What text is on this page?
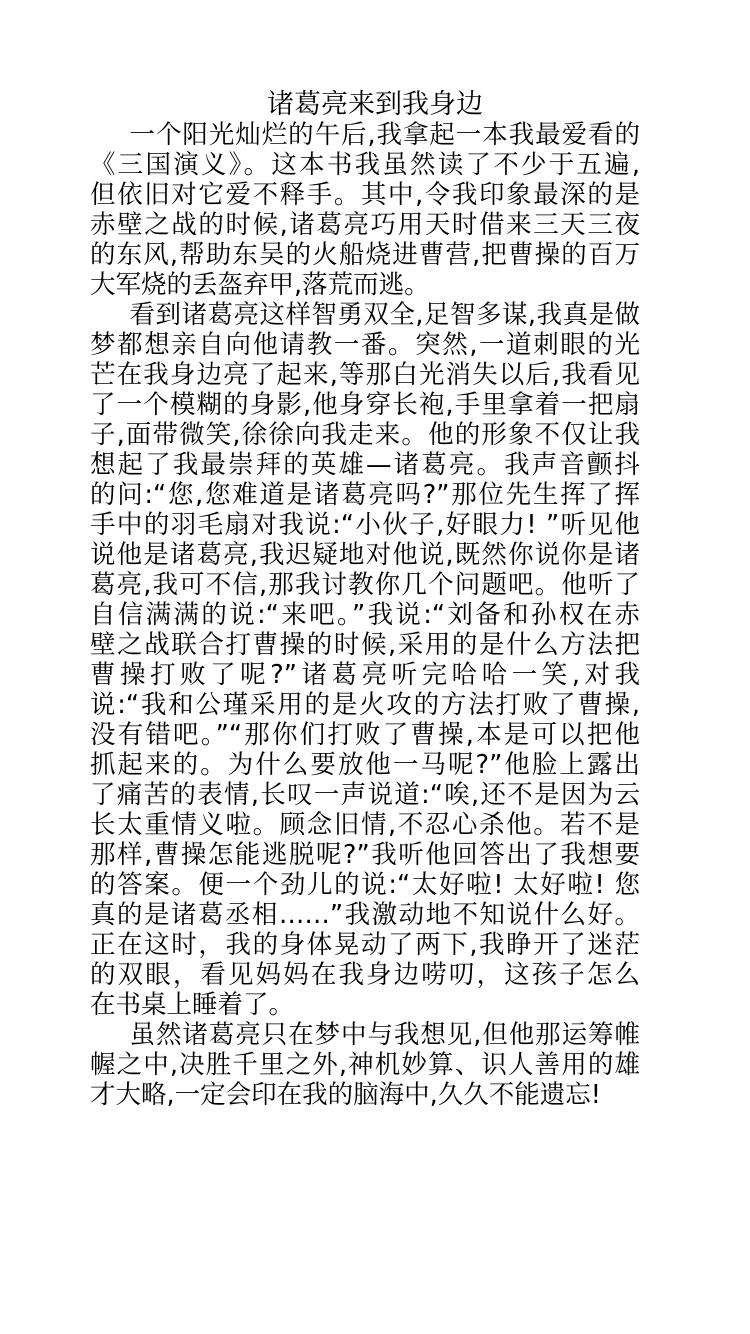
诸葛亮来到我身边
一个阳光灿烂的午后,我拿起一本我最爱看的
《三国演义》。这本书我虽然读了不少于五遍,
但依旧对它爱不释手。其中,令我印象最深的是
赤壁之战的时候,诸葛亮巧用天时借来三天三夜
的东风,帮助东吴的火船烧进曹营,把曹操的百万
大军烧的丢盔弃甲,落荒而逃。
看到诸葛亮这样智勇双全,足智多谋,我真是做
梦都想亲自向他请教一番。突然,一道刺眼的光
芒在我身边亮了起来,等那白光消失以后,我看见
了一个模糊的身影,他身穿长袍,手里拿着一把扇
子,面带微笑,徐徐向我走来。他的形象不仅让我
想起了我最崇拜的英雄—诸葛亮。我声音颤抖
的问:“您,您难道是诸葛亮吗?”那位先生挥了挥
手中的羽毛扇对我说:“小伙子,好眼力! ”听见他
说他是诸葛亮,我迟疑地对他说,既然你说你是诸
葛亮,我可不信,那我讨教你几个问题吧。他听了
自信满满的说:“来吧。”我说:“刘备和孙权在赤
壁之战联合打曹操的时候,采用的是什么方法把
曹操打败了呢?”诸葛亮听完哈哈一笑,对我
说:“我和公瑾采用的是火攻的方法打败了曹操,
没有错吧。”“那你们打败了曹操,本是可以把他
抓起来的。为什么要放他一马呢?”他脸上露出
了痛苦的表情,长叹一声说道:“唉,还不是因为云
长太重情义啦。顾念旧情,不忍心杀他。若不是
那样,曹操怎能逃脱呢?”我听他回答出了我想要
的答案。便一个劲儿的说:“太好啦! 太好啦! 您
真的是诸葛丞相……”我激动地不知说什么好。
正在这时，我的身体晃动了两下,我睁开了迷茫
的双眼，看见妈妈在我身边唠叨，这孩子怎么
在书桌上睡着了。
虽然诸葛亮只在梦中与我想见,但他那运筹帷
幄之中,决胜千里之外,神机妙算、识人善用的雄
才大略,一定会印在我的脑海中,久久不能遗忘!
